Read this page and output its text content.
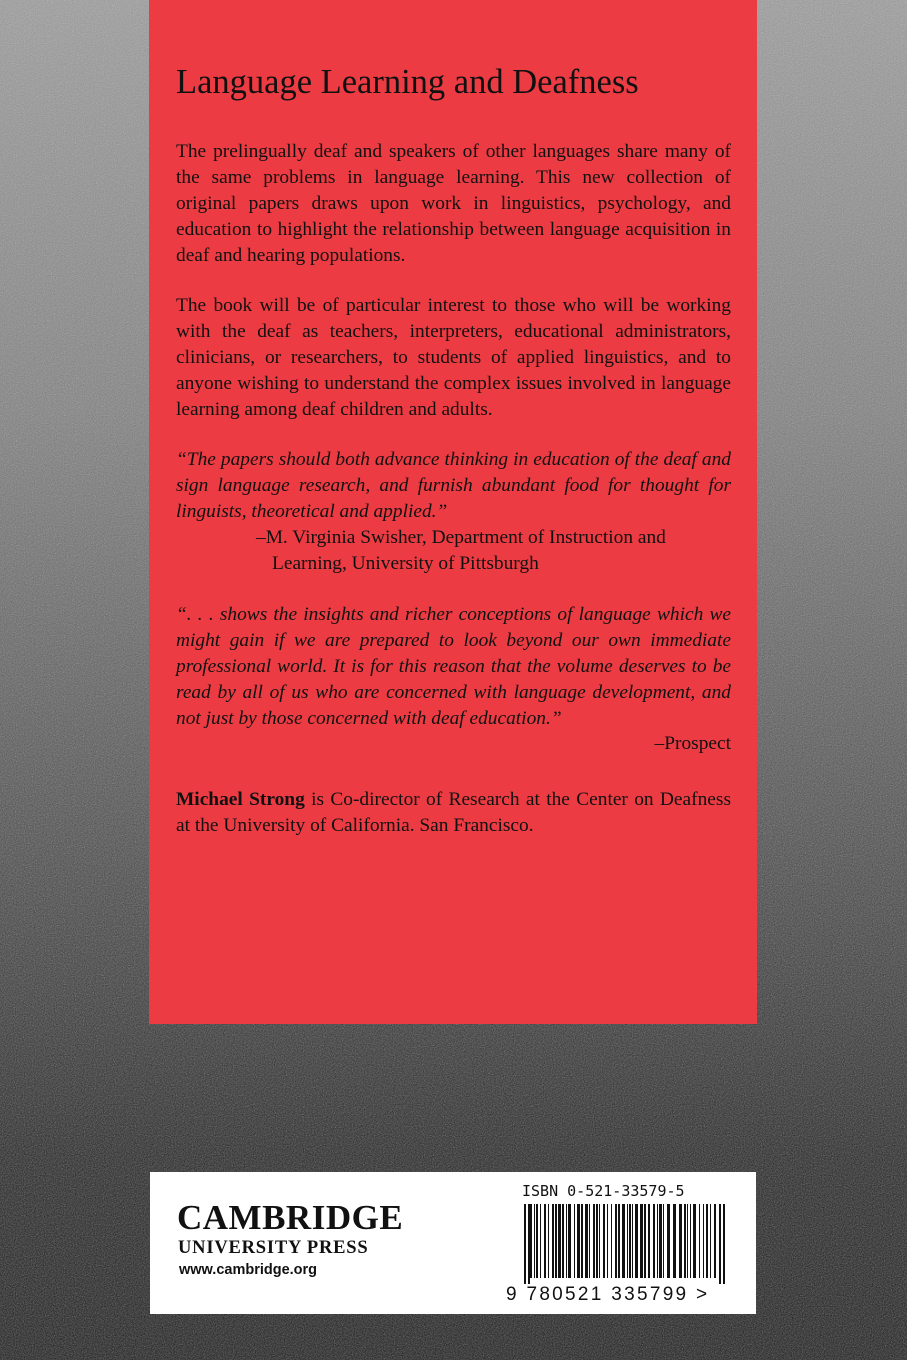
Language Learning and Deafness

The prelingually deaf and speakers of other languages share many of the same problems in language learning. This new collection of original papers draws upon work in linguistics, psychology, and education to highlight the relationship between language acquisition in deaf and hearing populations.

The book will be of particular interest to those who will be working with the deaf as teachers, interpreters, educational administrators, clinicians, or researchers, to students of applied linguistics, and to anyone wishing to understand the complex issues involved in language learning among deaf children and adults.

“The papers should both advance thinking in education of the deaf and sign language research, and furnish abundant food for thought for linguists, theoretical and applied.”

–M. Virginia Swisher, Department of Instruction and Learning, University of Pittsburgh

“. . . shows the insights and richer conceptions of language which we might gain if we are prepared to look beyond our own immediate professional world. It is for this reason that the volume deserves to be read by all of us who are concerned with language development, and not just by those concerned with deaf education.”

–Prospect

Michael Strong is Co-director of Research at the Center on Deafness at the University of California. San Francisco.

CAMBRIDGE
UNIVERSITY PRESS
www.cambridge.org
ISBN 0-521-33579-5
9 780521 335799 >
